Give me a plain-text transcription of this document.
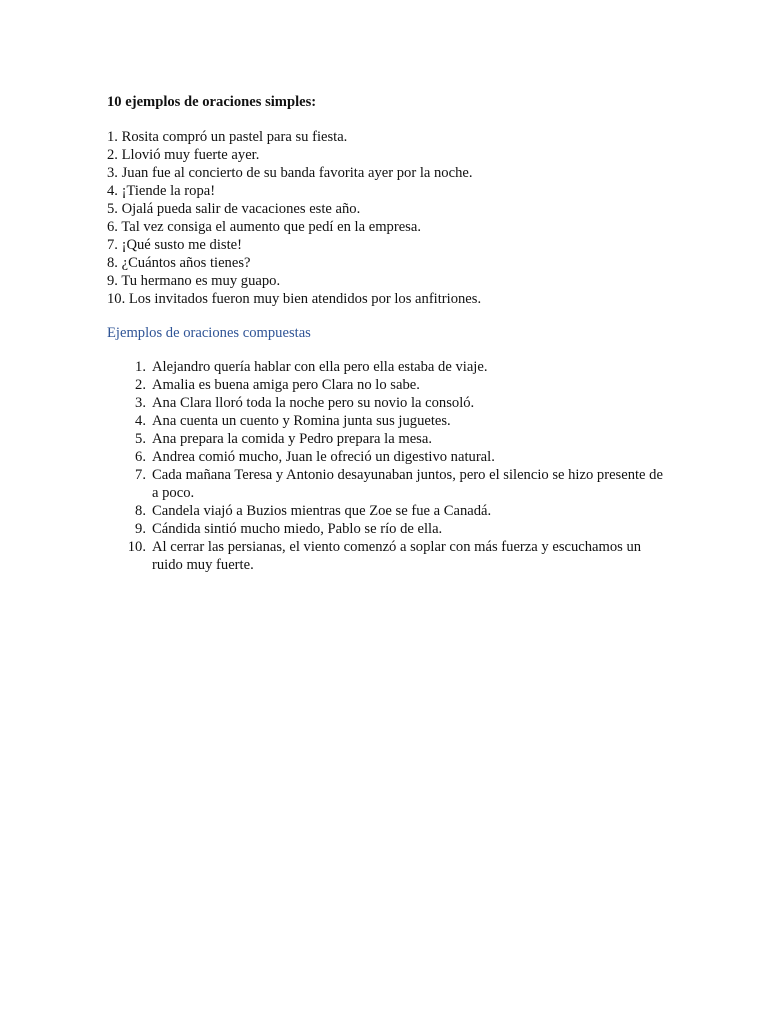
10 ejemplos de oraciones simples:

1. Rosita compró un pastel para su fiesta.
2. Llovió muy fuerte ayer.
3. Juan fue al concierto de su banda favorita ayer por la noche.
4. ¡Tiende la ropa!
5. Ojalá pueda salir de vacaciones este año.
6. Tal vez consiga el aumento que pedí en la empresa.
7. ¡Qué susto me diste!
8. ¿Cuántos años tienes?
9. Tu hermano es muy guapo.
10. Los invitados fueron muy bien atendidos por los anfitriones.
Ejemplos de oraciones compuestas
1. Alejandro quería hablar con ella pero ella estaba de viaje.
2. Amalia es buena amiga pero Clara no lo sabe.
3. Ana Clara lloró toda la noche pero su novio la consoló.
4. Ana cuenta un cuento y Romina junta sus juguetes.
5. Ana prepara la comida y Pedro prepara la mesa.
6. Andrea comió mucho, Juan le ofreció un digestivo natural.
7. Cada mañana Teresa y Antonio desayunaban juntos, pero el silencio se hizo presente de a poco.
8. Candela viajó a Buzios mientras que Zoe se fue a Canadá.
9. Cándida sintió mucho miedo, Pablo se río de ella.
10. Al cerrar las persianas, el viento comenzó a soplar con más fuerza y escuchamos un ruido muy fuerte.
